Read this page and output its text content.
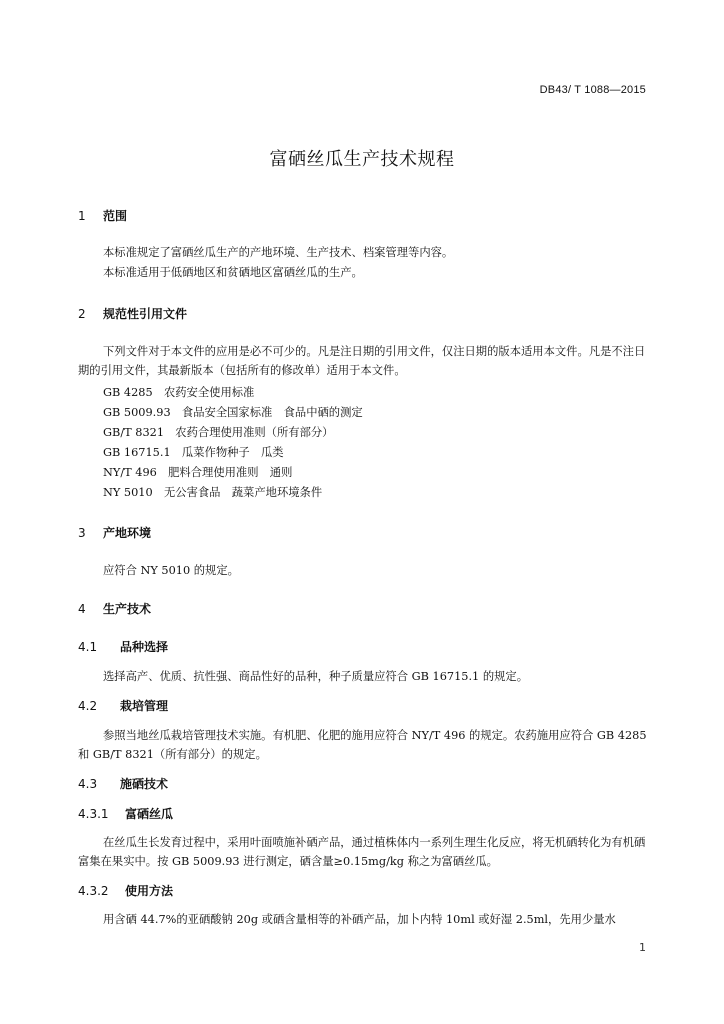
DB43/ T 1088—2015
富硒丝瓜生产技术规程
1 范围
本标准规定了富硒丝瓜生产的产地环境、生产技术、档案管理等内容。
本标准适用于低硒地区和贫硒地区富硒丝瓜的生产。
2 规范性引用文件
下列文件对于本文件的应用是必不可少的。凡是注日期的引用文件，仅注日期的版本适用本文件。凡是不注日期的引用文件，其最新版本（包括所有的修改单）适用于本文件。
GB 4285　农药安全使用标准
GB 5009.93　食品安全国家标准　食品中硒的测定
GB/T 8321　农药合理使用准则（所有部分）
GB 16715.1　瓜菜作物种子　瓜类
NY/T 496　肥料合理使用准则　通则
NY 5010　无公害食品　蔬菜产地环境条件
3 产地环境
应符合 NY 5010 的规定。
4 生产技术
4.1 品种选择
选择高产、优质、抗性强、商品性好的品种，种子质量应符合 GB 16715.1 的规定。
4.2 栽培管理
参照当地丝瓜栽培管理技术实施。有机肥、化肥的施用应符合 NY/T 496 的规定。农药施用应符合 GB 4285 和 GB/T 8321（所有部分）的规定。
4.3 施硒技术
4.3.1 富硒丝瓜
在丝瓜生长发育过程中，采用叶面喷施补硒产品，通过植株体内一系列生理生化反应，将无机硒转化为有机硒富集在果实中。按 GB 5009.93 进行测定，硒含量≥0.15mg/kg 称之为富硒丝瓜。
4.3.2 使用方法
用含硒 44.7%的亚硒酸钠 20g 或硒含量相等的补硒产品，加卜内特 10ml 或好湿 2.5ml，先用少量水
1
